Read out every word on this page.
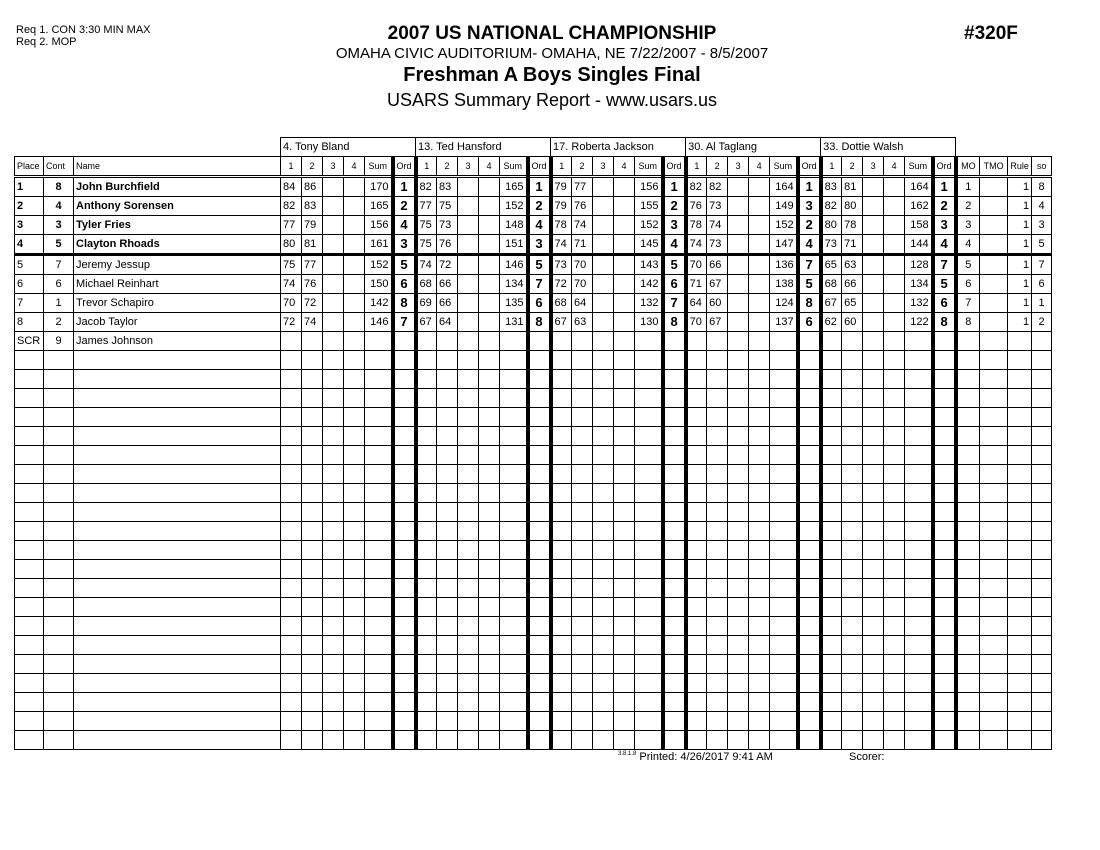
Req 1. CON 3:30 MIN MAX
Req 2. MOP	#320F
2007 US NATIONAL CHAMPIONSHIP
OMAHA CIVIC AUDITORIUM- OMAHA, NE 7/22/2007 - 8/5/2007
Freshman A Boys Singles Final
USARS Summary Report - www.usars.us
			4. Tony Bland						13. Ted Hansford						17. Roberta Jackson						30. Al Taglang						33. Dottie Walsh									
Place	Cont	Name	1	2	3	4	Sum	Ord	1	2	3	4	Sum	Ord	1	2	3	4	Sum	Ord	1	2	3	4	Sum	Ord	1	2	3	4	Sum	Ord	MO	TMO	Rule	so
1	8	John Burchfield	84	86			170	1	82	83			165	1	79	77			156	1	82	82			164	1	83	81			164	1	1		1	8
2	4	Anthony Sorensen	82	83			165	2	77	75			152	2	79	76			155	2	76	73			149	3	82	80			162	2	2		1	4
3	3	Tyler Fries	77	79			156	4	75	73			148	4	78	74			152	3	78	74			152	2	80	78			158	3	3		1	3
4	5	Clayton Rhoads	80	81			161	3	75	76			151	3	74	71			145	4	74	73			147	4	73	71			144	4	4		1	5
5	7	Jeremy Jessup	75	77			152	5	74	72			146	5	73	70			143	5	70	66			136	7	65	63			128	7	5		1	7
6	6	Michael Reinhart	74	76			150	6	68	66			134	7	72	70			142	6	71	67			138	5	68	66			134	5	6		1	6
7	1	Trevor Schapiro	70	72			142	8	69	66			135	6	68	64			132	7	64	60			124	8	67	65			132	6	7		1	1
8	2	Jacob Taylor	72	74			146	7	67	64			131	8	67	63			130	8	70	67			137	6	62	60			122	8	8		1	2
SCR	9	James Johnson																																		

$^{3.8.1.8}$ Printed: 4/26/2017 9:41 AM	Scorer:
